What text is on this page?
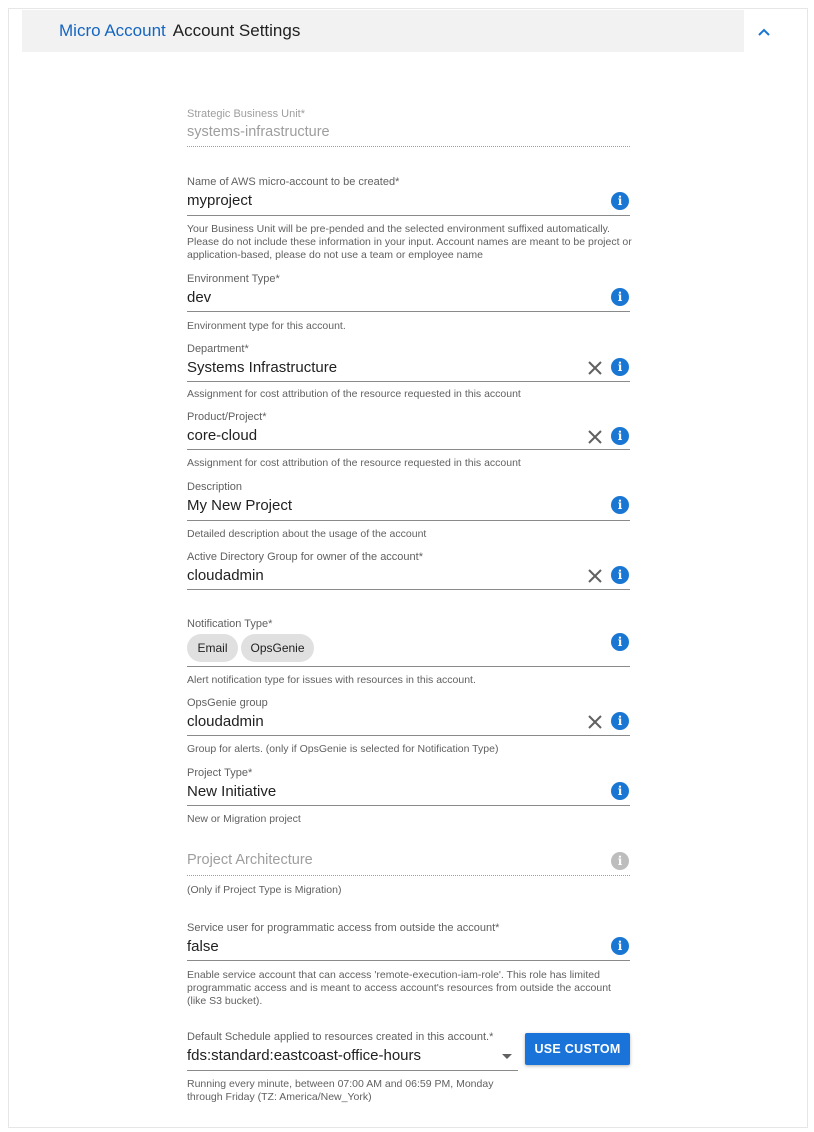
Micro Account Account Settings
Strategic Business Unit*
systems-infrastructure
Name of AWS micro-account to be created*
myproject	i
Your Business Unit will be pre-pended and the selected environment suffixed automatically. Please do not include these information in your input. Account names are meant to be project or application-based, please do not use a team or employee name
Environment Type*
dev	i
Environment type for this account.
Department*
Systems Infrastructure	i
Assignment for cost attribution of the resource requested in this account
Product/Project*
core-cloud	i
Assignment for cost attribution of the resource requested in this account
Description
My New Project	i
Detailed description about the usage of the account
Active Directory Group for owner of the account*
cloudadmin	i
Notification Type*
Email	OpsGenie	i
Alert notification type for issues with resources in this account.
OpsGenie group
cloudadmin	i
Group for alerts. (only if OpsGenie is selected for Notification Type)
Project Type*
New Initiative	i
New or Migration project
Project Architecture	i
(Only if Project Type is Migration)
Service user for programmatic access from outside the account*
false	i
Enable service account that can access 'remote-execution-iam-role'. This role has limited programmatic access and is meant to access account's resources from outside the account (like S3 bucket).
Default Schedule applied to resources created in this account.*
fds:standard:eastcoast-office-hours	USE CUSTOM
Running every minute, between 07:00 AM and 06:59 PM, Monday through Friday (TZ: America/New_York)
